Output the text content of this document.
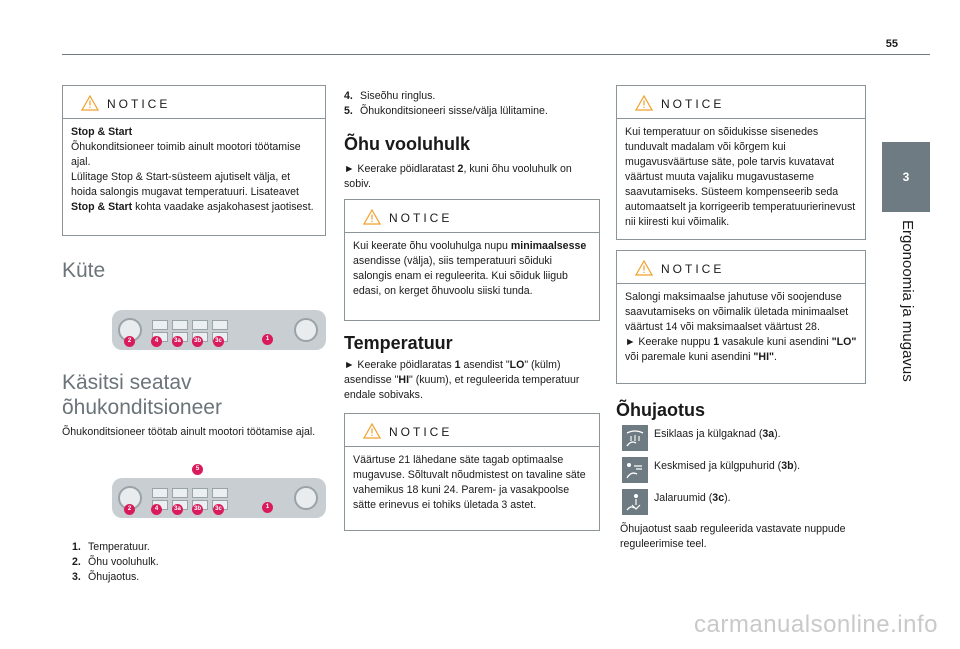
55
3
Ergonoomia ja mugavus
NOTICE
Stop & Start
Õhukonditsioneer toimib ainult mootori töötamise ajal.
Lülitage Stop & Start-süsteem ajutiselt välja, et hoida salongis mugavat temperatuuri. Lisateavet Stop & Start kohta vaadake asjakohasest jaotisest.
Küte
2	4	3a	3b	3c	1
Käsitsi seatav
õhukonditsioneer
Õhukonditsioneer töötab ainult mootori töötamise ajal.
5
2	4	3a	3b	3c	1
1. Temperatuur.
2. Õhu vooluhulk.
3. Õhujaotus.
4. Siseõhu ringlus.
5. Õhukonditsioneeri sisse/välja lülitamine.
Õhu vooluhulk
► Keerake pöidlaratast 2, kuni õhu vooluhulk on sobiv.
NOTICE
Kui keerate õhu vooluhulga nupu minimaalsesse asendisse (välja), siis temperatuuri sõiduki salongis enam ei reguleerita. Kui sõiduk liigub edasi, on kerget õhuvoolu siiski tunda.
Temperatuur
► Keerake pöidlaratas 1 asendist "LO" (külm) asendisse "HI" (kuum), et reguleerida temperatuur endale sobivaks.
NOTICE
Väärtuse 21 lähedane säte tagab optimaalse mugavuse. Sõltuvalt nõudmistest on tavaline säte vahemikus 18 kuni 24. Parem- ja vasakpoolse sätte erinevus ei tohiks ületada 3 astet.
NOTICE
Kui temperatuur on sõidukisse sisenedes tunduvalt madalam või kõrgem kui mugavusväärtuse säte, pole tarvis kuvatavat väärtust muuta vajaliku mugavustaseme saavutamiseks. Süsteem kompenseerib seda automaatselt ja korrigeerib temperatuurierinevust nii kiiresti kui võimalik.
NOTICE
Salongi maksimaalse jahutuse või soojenduse saavutamiseks on võimalik ületada minimaalset väärtust 14 või maksimaalset väärtust 28.
► Keerake nuppu 1 vasakule kuni asendini "LO" või paremale kuni asendini "HI".
Õhujaotus
Esiklaas ja külgaknad (3a).
Keskmised ja külgpuhurid (3b).
Jalaruumid (3c).
Õhujaotust saab reguleerida vastavate nuppude reguleerimise teel.
carmanualsonline.info
